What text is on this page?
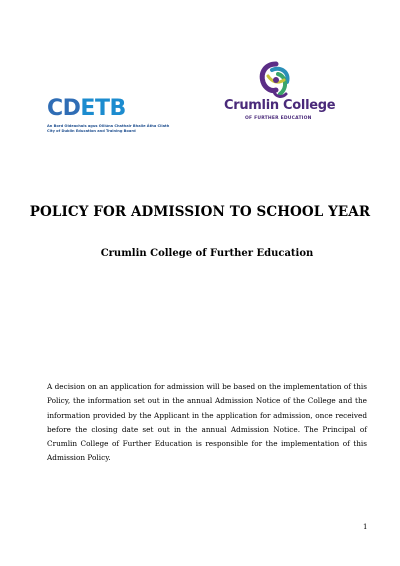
CD ETB
An Bord Oideachais agus Oiliúna Chathair Bhaile Átha Cliath
City of Dublin Education and Training Board
Crumlin College
OF FURTHER EDUCATION
POLICY FOR ADMISSION TO SCHOOL YEAR
Crumlin College of Further Education
A decision on an application for admission will be based on the implementation of this Policy, the information set out in the annual Admission Notice of the College and the information provided by the Applicant in the application for admission, once received before the closing date set out in the annual Admission Notice. The Principal of Crumlin College of Further Education is responsible for the implementation of this Admission Policy.
1
